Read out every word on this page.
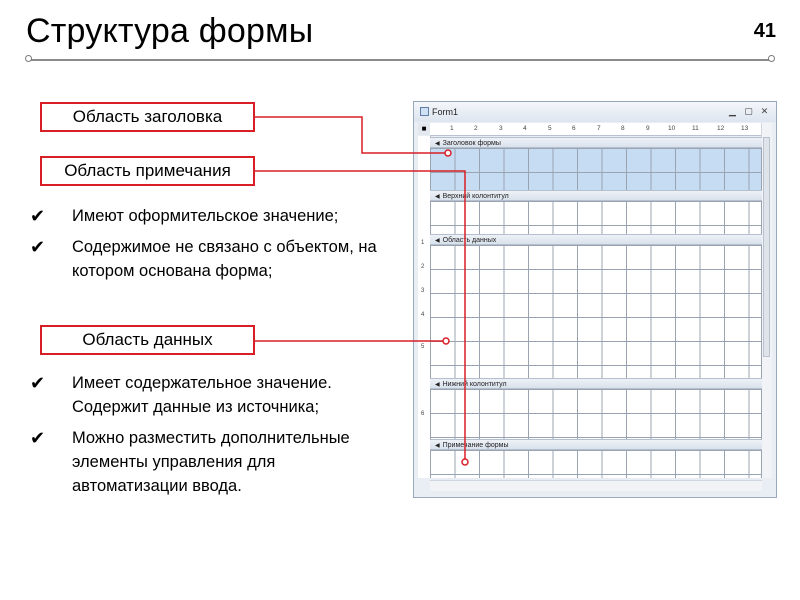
Структура формы	41
Область заголовка
Область примечания
Область данных
✔	Имеют оформительское значение;
✔	Содержимое не связано с объектом, на котором основана форма;
✔	Имеет содержательное значение. Содержит данные из источника;
✔	Можно разместить дополнительные элементы управления для автоматизации ввода.
Form1	▁ ▢ ✕
■	1	2	3	4	5	6	7	8	9	10	11	12	13
1
2
3
4
5
6
◀ Заголовок формы
◀ Верхний колонтитул
◀ Область данных
◀ Нижний колонтитул
◀ Примечание формы
